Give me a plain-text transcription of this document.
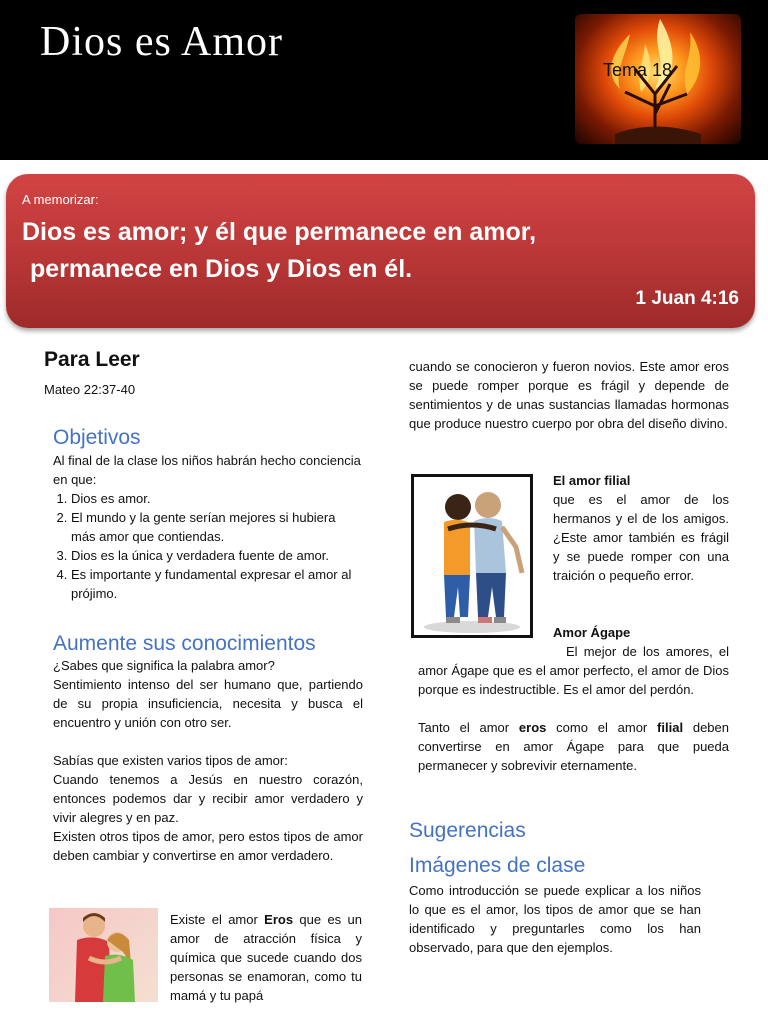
Dios es Amor
Tema 18
A memorizar:
Dios es amor; y él que permanece en amor,
permanece en Dios y Dios en él.
1 Juan 4:16
Para Leer
Mateo 22:37-40
Objetivos
Al final de la clase los niños habrán hecho conciencia en que:
1. Dios es amor.
2. El mundo y la gente serían mejores si hubiera más amor que contiendas.
3. Dios es la única y verdadera fuente de amor.
4. Es importante y fundamental expresar el amor al prójimo.
Aumente sus conocimientos
¿Sabes que significa la palabra amor?
Sentimiento intenso del ser humano que, partiendo de su propia insuficiencia, necesita y busca el encuentro y unión con otro ser.
Sabías que existen varios tipos de amor:
Cuando tenemos a Jesús en nuestro corazón, entonces podemos dar y recibir amor verdadero y vivir alegres y en paz.
Existen otros tipos de amor, pero estos tipos de amor deben cambiar y convertirse en amor verdadero.
Existe el amor Eros que es un amor de atracción física y química que sucede cuando dos personas se enamoran, como tu mamá y tu papá
cuando se conocieron y fueron novios. Este amor eros se puede romper porque es frágil y depende de sentimientos y de unas sustancias llamadas hormonas que produce nuestro cuerpo por obra del diseño divino.
El amor filial
que es el amor de los hermanos y el de los amigos. ¿Este amor también es frágil y se puede romper con una traición o pequeño error.
Amor Ágape
El mejor de los amores, el amor Ágape que es el amor perfecto, el amor de Dios porque es indestructible. Es el amor del perdón.
Tanto el amor eros como el amor filial deben convertirse en amor Ágape para que pueda permanecer y sobrevivir eternamente.
Sugerencias
Imágenes de clase
Como introducción se puede explicar a los niños lo que es el amor, los tipos de amor que se han identificado y preguntarles como los han observado, para que den ejemplos.
